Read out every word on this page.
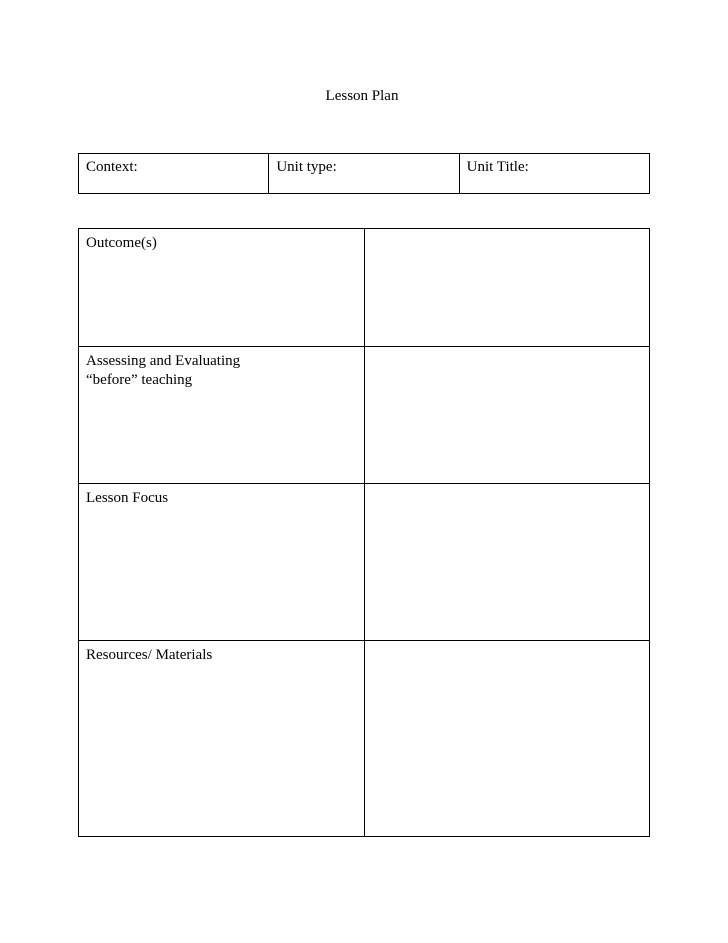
Lesson Plan
Context:	Unit type:	Unit Title:
Outcome(s)	

Assessing and Evaluating “before” teaching	

Lesson Focus	

Resources/ Materials	
